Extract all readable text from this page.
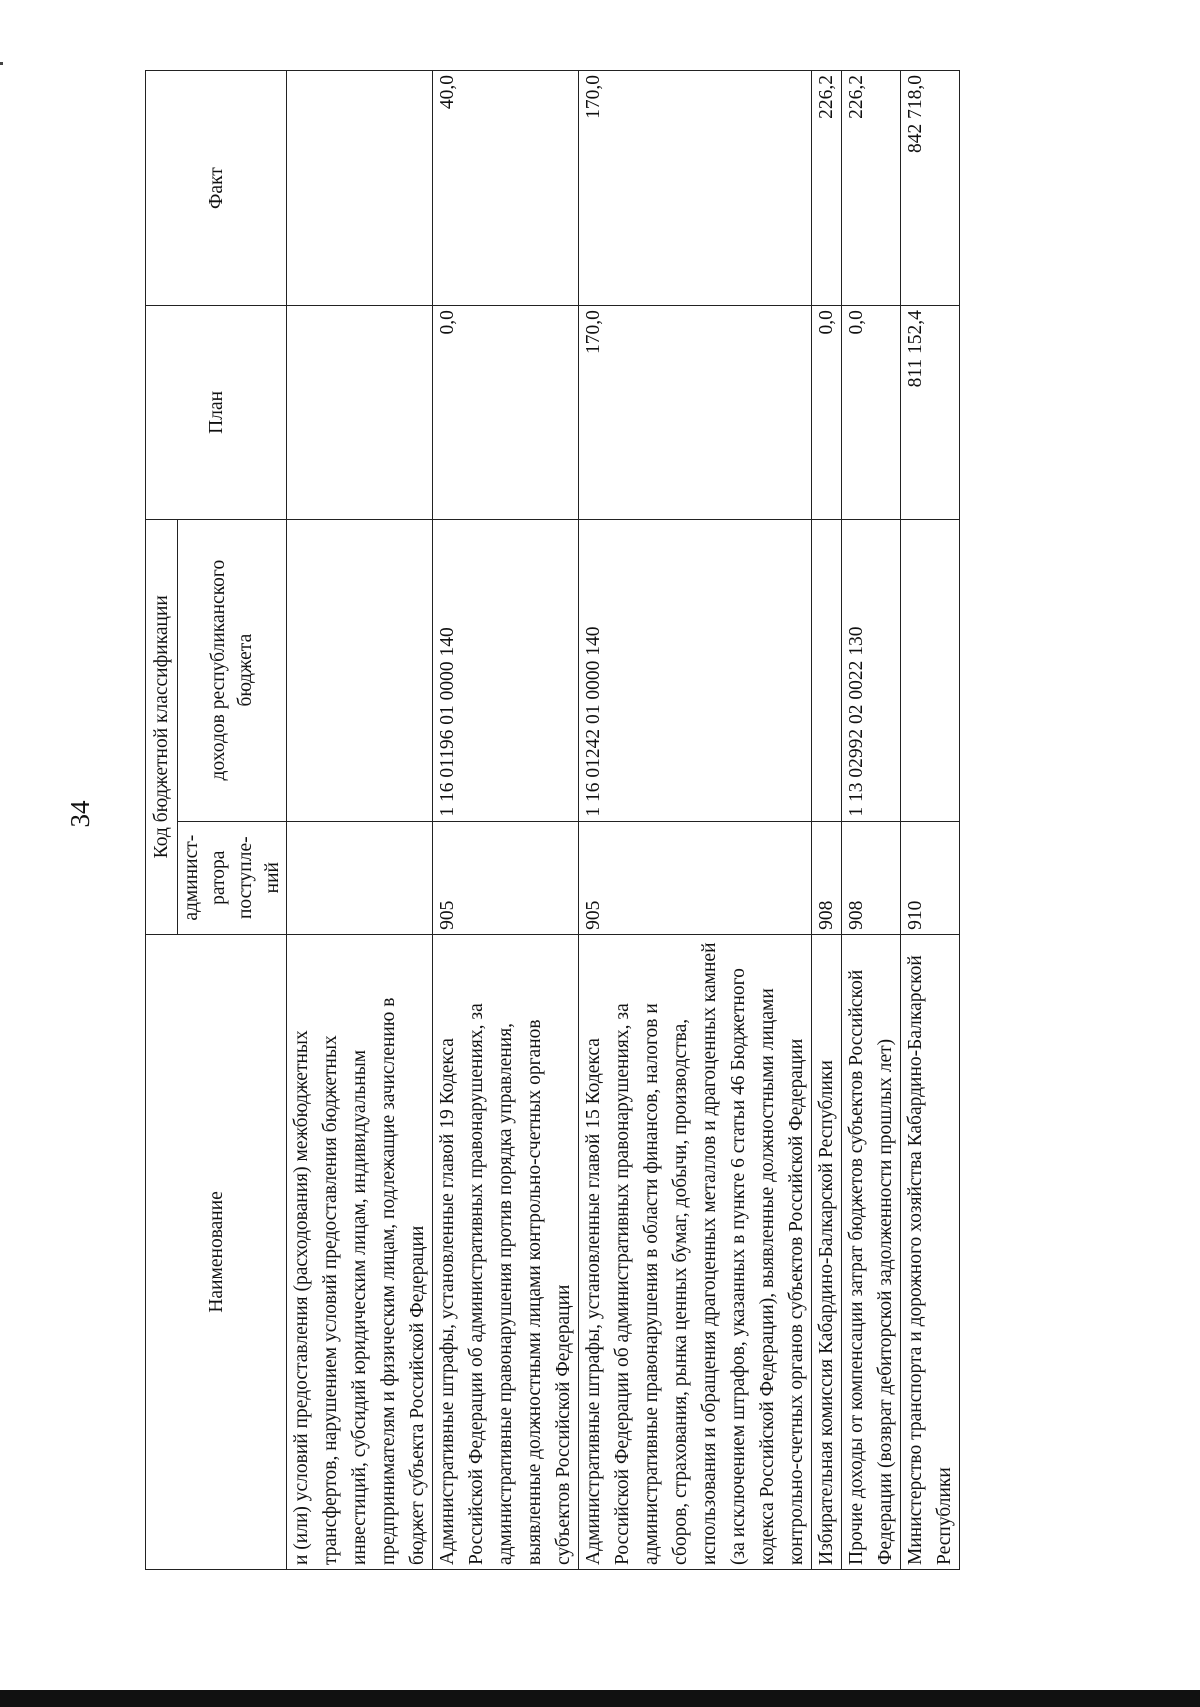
34
Наименование	Код бюджетной классификации		План	Факт
	админист-ратора поступле-ний	доходов республиканского бюджета		
и (или) условий предоставления (расходования) межбюджетных трансфертов, нарушением условий предоставления бюджетных инвестиций, субсидий юридическим лицам, индивидуальным предпринимателям и физическим лицам, подлежащие зачислению в бюджет субъекта Российской Федерации				
Административные штрафы, установленные главой 19 Кодекса Российской Федерации об административных правонарушениях, за административные правонарушения против порядка управления, выявленные должностными лицами контрольно-счетных органов субъектов Российской Федерации	905	1 16 01196 01 0000 140	0,0	40,0
Административные штрафы, установленные главой 15 Кодекса Российской Федерации об административных правонарушениях, за административные правонарушения в области финансов, налогов и сборов, страхования, рынка ценных бумаг, добычи, производства, использования и обращения драгоценных металлов и драгоценных камней (за исключением штрафов, указанных в пункте 6 статьи 46 Бюджетного кодекса Российской Федерации), выявленные должностными лицами контрольно-счетных органов субъектов Российской Федерации	905	1 16 01242 01 0000 140	170,0	170,0
Избирательная комиссия Кабардино-Балкарской Республики	908		0,0	226,2
Прочие доходы от компенсации затрат бюджетов субъектов Российской Федерации (возврат дебиторской задолженности прошлых лет)	908	1 13 02992 02 0022 130	0,0	226,2
Министерство транспорта и дорожного хозяйства Кабардино-Балкарской Республики	910		811 152,4	842 718,0
